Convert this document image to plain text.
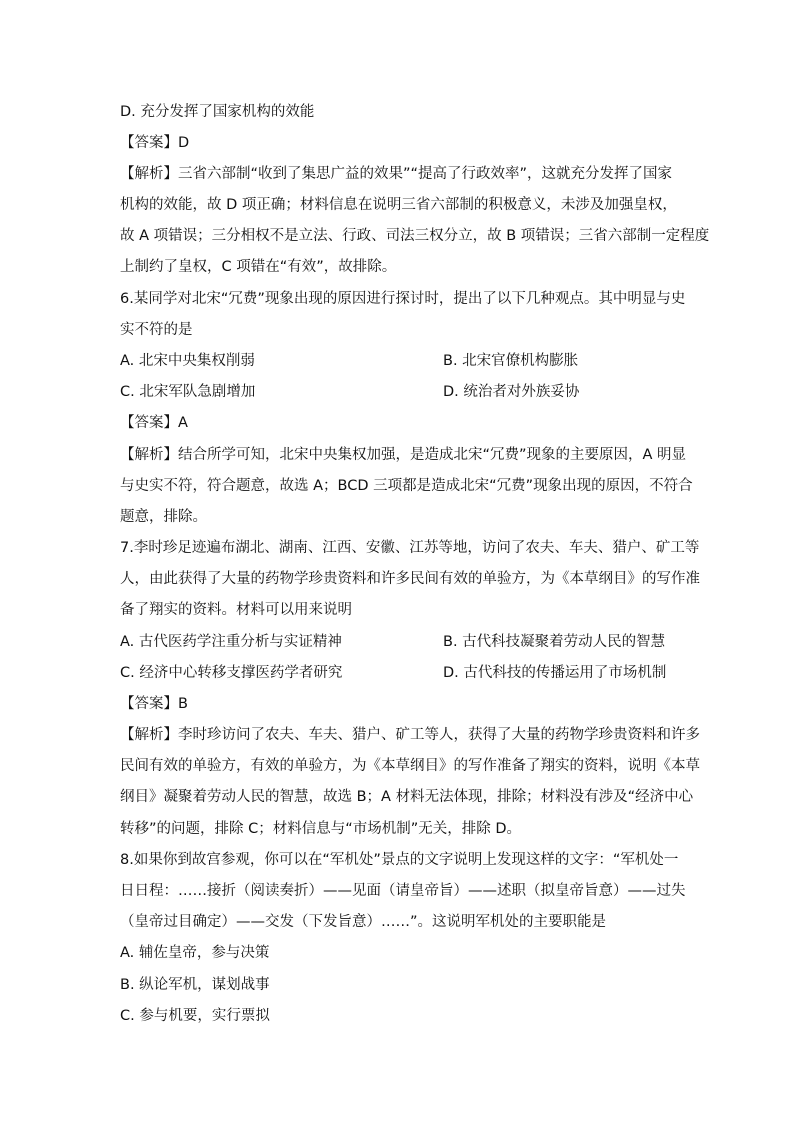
D. 充分发挥了国家机构的效能
【答案】D
【解析】三省六部制“收到了集思广益的效果”“提高了行政效率”，这就充分发挥了国家
机构的效能，故 D 项正确；材料信息在说明三省六部制的积极意义，未涉及加强皇权，
故 A 项错误；三分相权不是立法、行政、司法三权分立，故 B 项错误；三省六部制一定程度
上制约了皇权，C 项错在“有效”，故排除。
6.某同学对北宋“冗费”现象出现的原因进行探讨时，提出了以下几种观点。其中明显与史
实不符的是
A. 北宋中央集权削弱	B. 北宋官僚机构膨胀
C. 北宋军队急剧增加	D. 统治者对外族妥协
【答案】A
【解析】结合所学可知，北宋中央集权加强，是造成北宋“冗费”现象的主要原因，A 明显
与史实不符，符合题意，故选 A；BCD 三项都是造成北宋“冗费”现象出现的原因，不符合
题意，排除。
7.李时珍足迹遍布湖北、湖南、江西、安徽、江苏等地，访问了农夫、车夫、猎户、矿工等
人，由此获得了大量的药物学珍贵资料和许多民间有效的单验方，为《本草纲目》的写作准
备了翔实的资料。材料可以用来说明
A. 古代医药学注重分析与实证精神	B. 古代科技凝聚着劳动人民的智慧
C. 经济中心转移支撑医药学者研究	D. 古代科技的传播运用了市场机制
【答案】B
【解析】李时珍访问了农夫、车夫、猎户、矿工等人，获得了大量的药物学珍贵资料和许多
民间有效的单验方，有效的单验方，为《本草纲目》的写作准备了翔实的资料，说明《本草
纲目》凝聚着劳动人民的智慧，故选 B；A 材料无法体现，排除；材料没有涉及“经济中心
转移”的问题，排除 C；材料信息与“市场机制”无关，排除 D。
8.如果你到故宫参观，你可以在“军机处”景点的文字说明上发现这样的文字：“军机处一
日日程：……接折（阅读奏折）——见面（请皇帝旨）——述职（拟皇帝旨意）——过失
（皇帝过目确定）——交发（下发旨意）……”。这说明军机处的主要职能是
A. 辅佐皇帝，参与决策
B. 纵论军机，谋划战事
C. 参与机要，实行票拟
